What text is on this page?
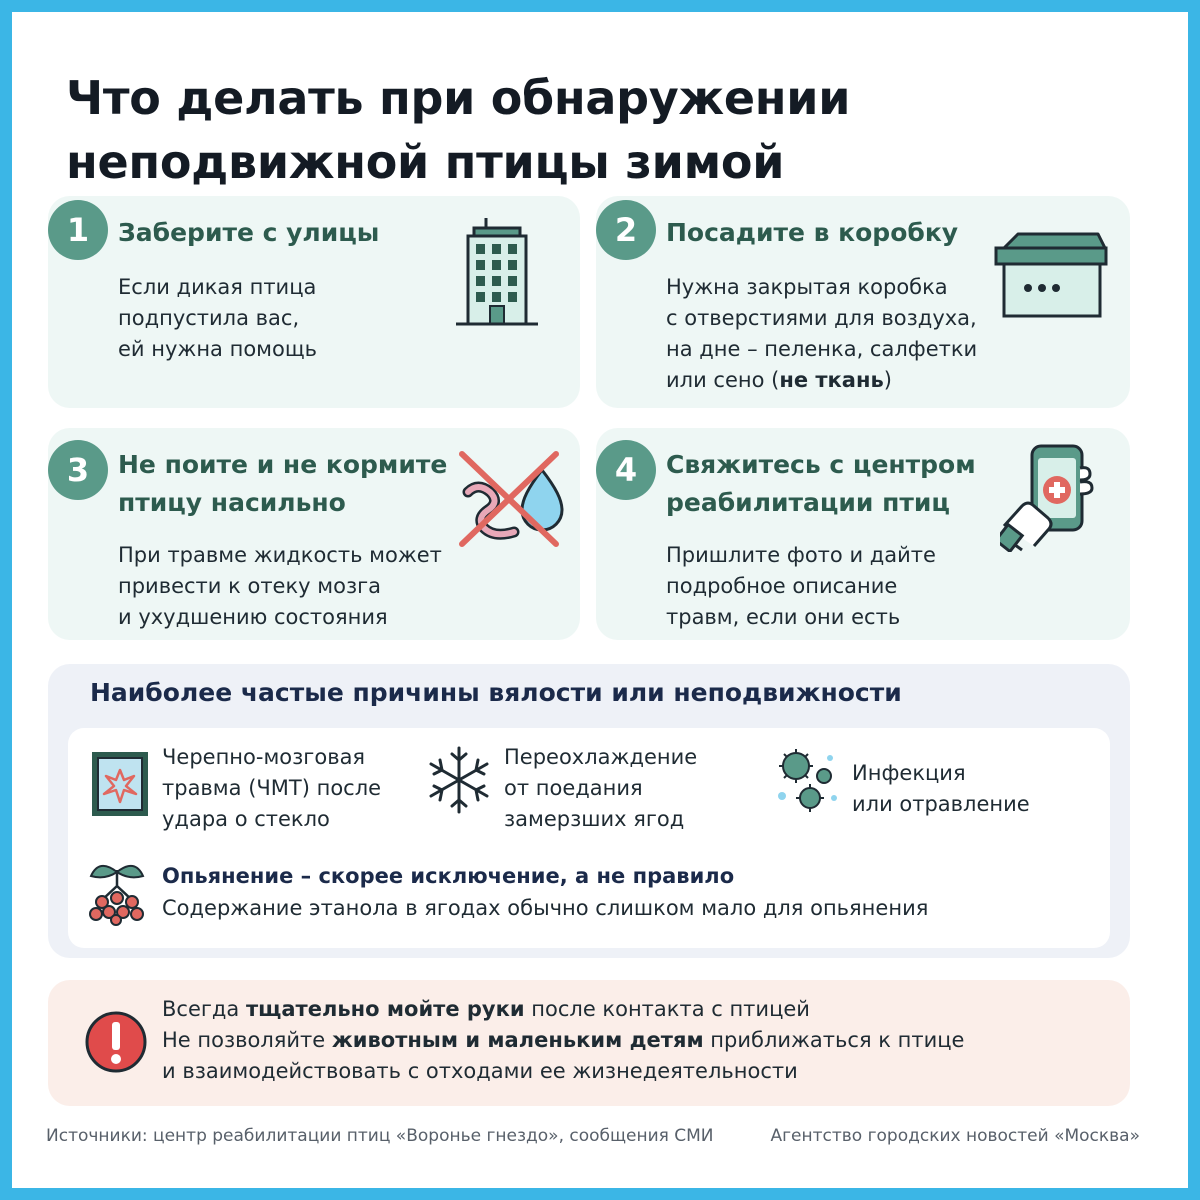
Что делать при обнаружении
неподвижной птицы зимой
1	Заберите с улицы
Если дикая птица
подпустила вас,
ей нужна помощь
2	Посадите в коробку
Нужна закрытая коробка
с отверстиями для воздуха,
на дне – пеленка, салфетки
или сено (не ткань)
3	Не поите и не кормите
птицу насильно
При травме жидкость может
привести к отеку мозга
и ухудшению состояния
4	Свяжитесь с центром
реабилитации птиц
Пришлите фото и дайте
подробное описание
травм, если они есть
Наиболее частые причины вялости или неподвижности
Черепно-мозговая
травма (ЧМТ) после
удара о стекло
Переохлаждение
от поедания
замерзших ягод
Инфекция
или отравление
Опьянение – скорее исключение, а не правило
Содержание этанола в ягодах обычно слишком мало для опьянения
Всегда тщательно мойте руки после контакта с птицей
Не позволяйте животным и маленьким детям приближаться к птице
и взаимодействовать с отходами ее жизнедеятельности
Источники: центр реабилитации птиц «Воронье гнездо», сообщения СМИ	Агентство городских новостей «Москва»
